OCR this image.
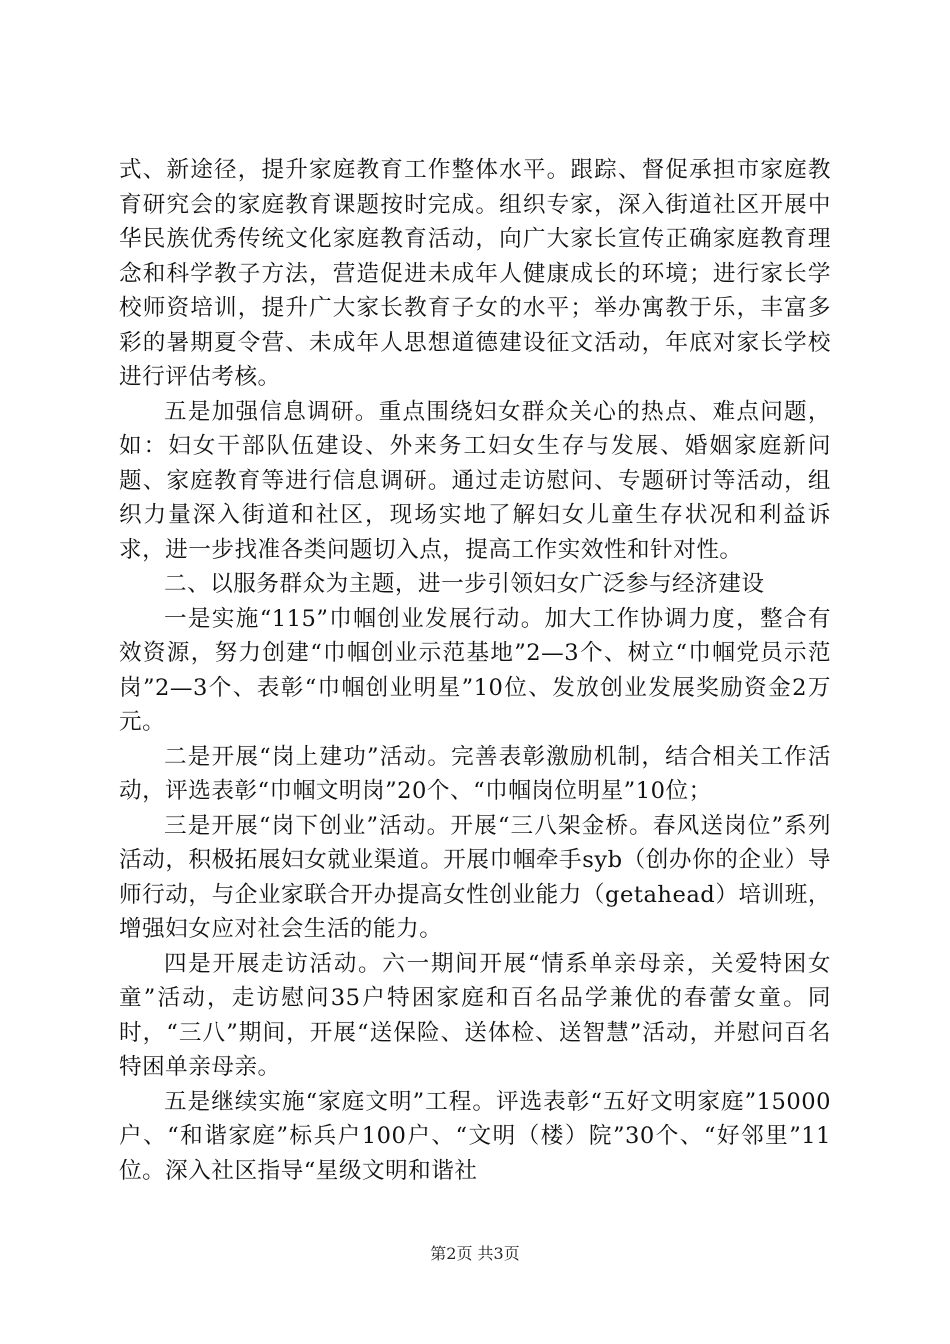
式、新途径，提升家庭教育工作整体水平。跟踪、督促承担市家庭教育研究会的家庭教育课题按时完成。组织专家，深入街道社区开展中华民族优秀传统文化家庭教育活动，向广大家长宣传正确家庭教育理念和科学教子方法，营造促进未成年人健康成长的环境；进行家长学校师资培训，提升广大家长教育子女的水平；举办寓教于乐，丰富多彩的暑期夏令营、未成年人思想道德建设征文活动，年底对家长学校进行评估考核。

五是加强信息调研。重点围绕妇女群众关心的热点、难点问题，如：妇女干部队伍建设、外来务工妇女生存与发展、婚姻家庭新问题、家庭教育等进行信息调研。通过走访慰问、专题研讨等活动，组织力量深入街道和社区，现场实地了解妇女儿童生存状况和利益诉求，进一步找准各类问题切入点，提高工作实效性和针对性。

二、以服务群众为主题，进一步引领妇女广泛参与经济建设

一是实施“115”巾帼创业发展行动。加大工作协调力度，整合有效资源，努力创建“巾帼创业示范基地”2—3个、树立“巾帼党员示范岗”2—3个、表彰“巾帼创业明星”10位、发放创业发展奖励资金2万元。

二是开展“岗上建功”活动。完善表彰激励机制，结合相关工作活动，评选表彰“巾帼文明岗”20个、“巾帼岗位明星”10位；

三是开展“岗下创业”活动。开展“三八架金桥。春风送岗位”系列活动，积极拓展妇女就业渠道。开展巾帼牵手syb（创办你的企业）导师行动，与企业家联合开办提高女性创业能力（getahead）培训班，增强妇女应对社会生活的能力。

四是开展走访活动。六一期间开展“情系单亲母亲，关爱特困女童”活动，走访慰问35户特困家庭和百名品学兼优的春蕾女童。同时，“三八”期间，开展“送保险、送体检、送智慧”活动，并慰问百名特困单亲母亲。

五是继续实施“家庭文明”工程。评选表彰“五好文明家庭”15000户、“和谐家庭”标兵户100户、“文明（楼）院”30个、“好邻里”11位。深入社区指导“星级文明和谐社

第2页 共3页
